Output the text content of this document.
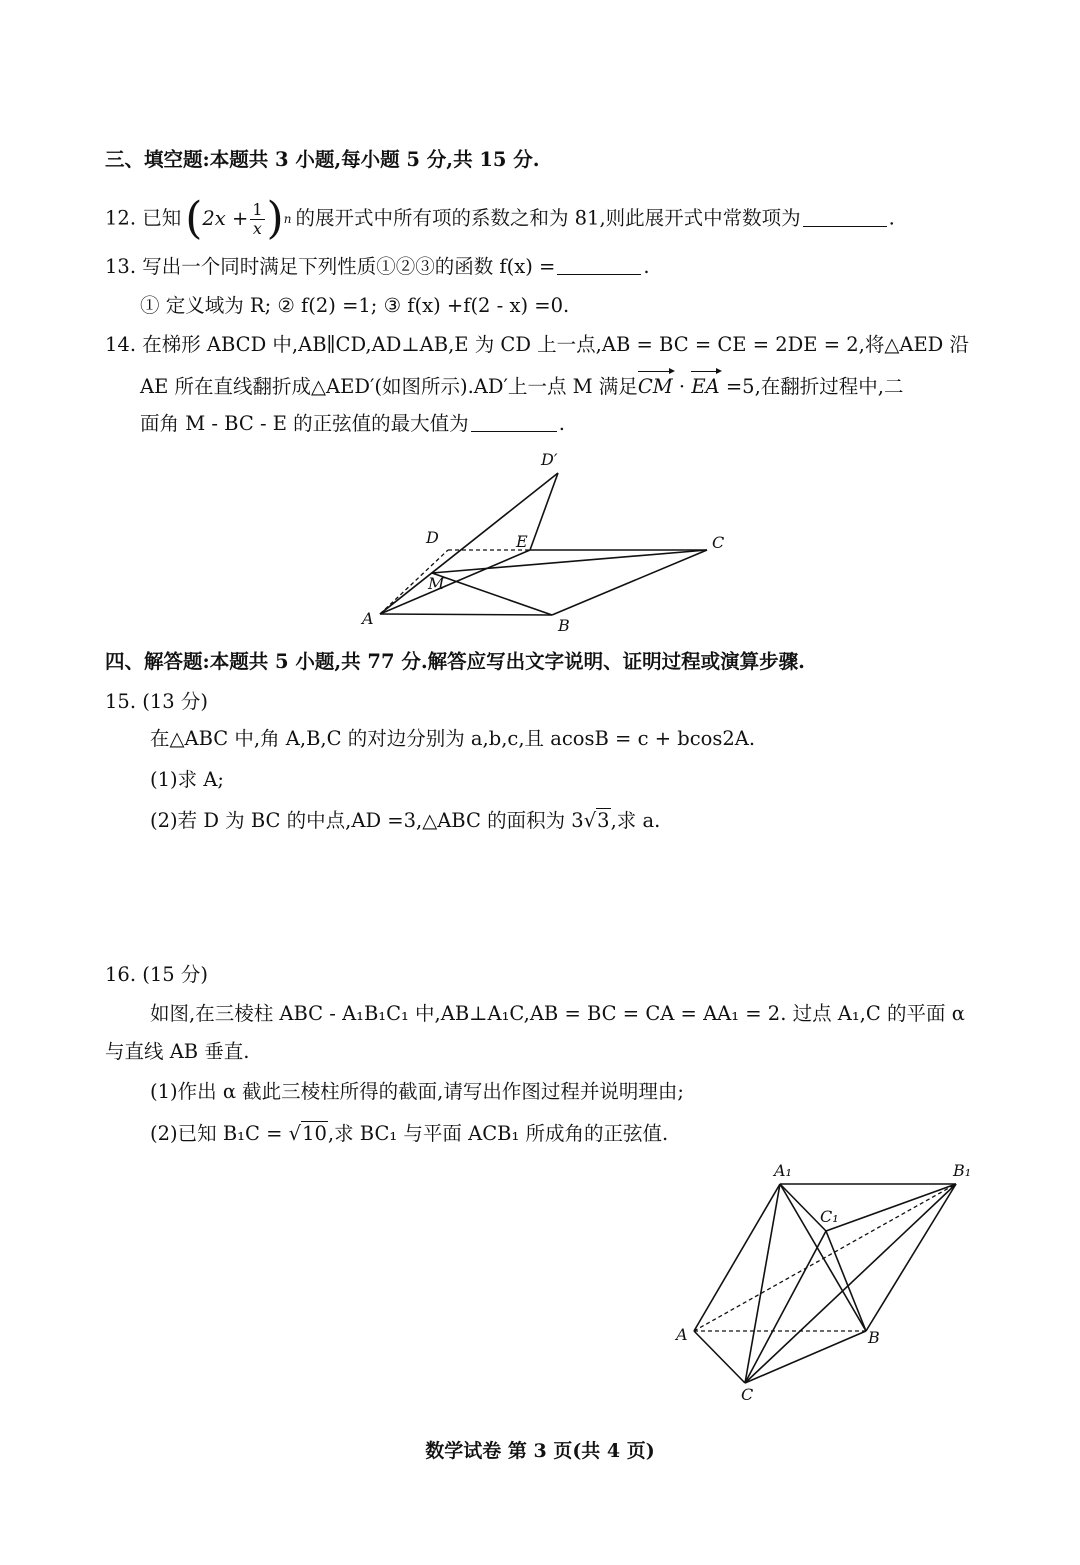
三、填空题:本题共 3 小题,每小题 5 分,共 15 分.
12. 已知 ( $2x + \frac{1}{x}$ ) n 的展开式中所有项的系数之和为 81,则此展开式中常数项为	.
13. 写出一个同时满足下列性质①②③的函数 f(x) =	.
① 定义域为 R; ② f(2) =1; ③ f(x) +f(2 - x) =0.
14. 在梯形 ABCD 中,AB∥CD,AD⊥AB,E 为 CD 上一点,AB = BC = CE = 2DE = 2,将△AED 沿
AE 所在直线翻折成△AED′(如图所示).AD′上一点 M 满足CM · EA =5,在翻折过程中,二
面角 M - BC - E 的正弦值的最大值为	.
D′
D	E	C
M
A	B
四、解答题:本题共 5 小题,共 77 分.解答应写出文字说明、证明过程或演算步骤.
15. (13 分)
在△ABC 中,角 A,B,C 的对边分别为 a,b,c,且 acosB = c + bcos2A.
(1)求 A;
(2)若 D 为 BC 的中点,AD =3,△ABC 的面积为 3√3,求 a.
16. (15 分)
如图,在三棱柱 ABC - A₁B₁C₁ 中,AB⊥A₁C,AB = BC = CA = AA₁ = 2. 过点 A₁,C 的平面 α
与直线 AB 垂直.
(1)作出 α 截此三棱柱所得的截面,请写出作图过程并说明理由;
(2)已知 B₁C = √10,求 BC₁ 与平面 ACB₁ 所成角的正弦值.
A₁	B₁
C₁
A	B
C
数学试卷 第 3 页(共 4 页)
